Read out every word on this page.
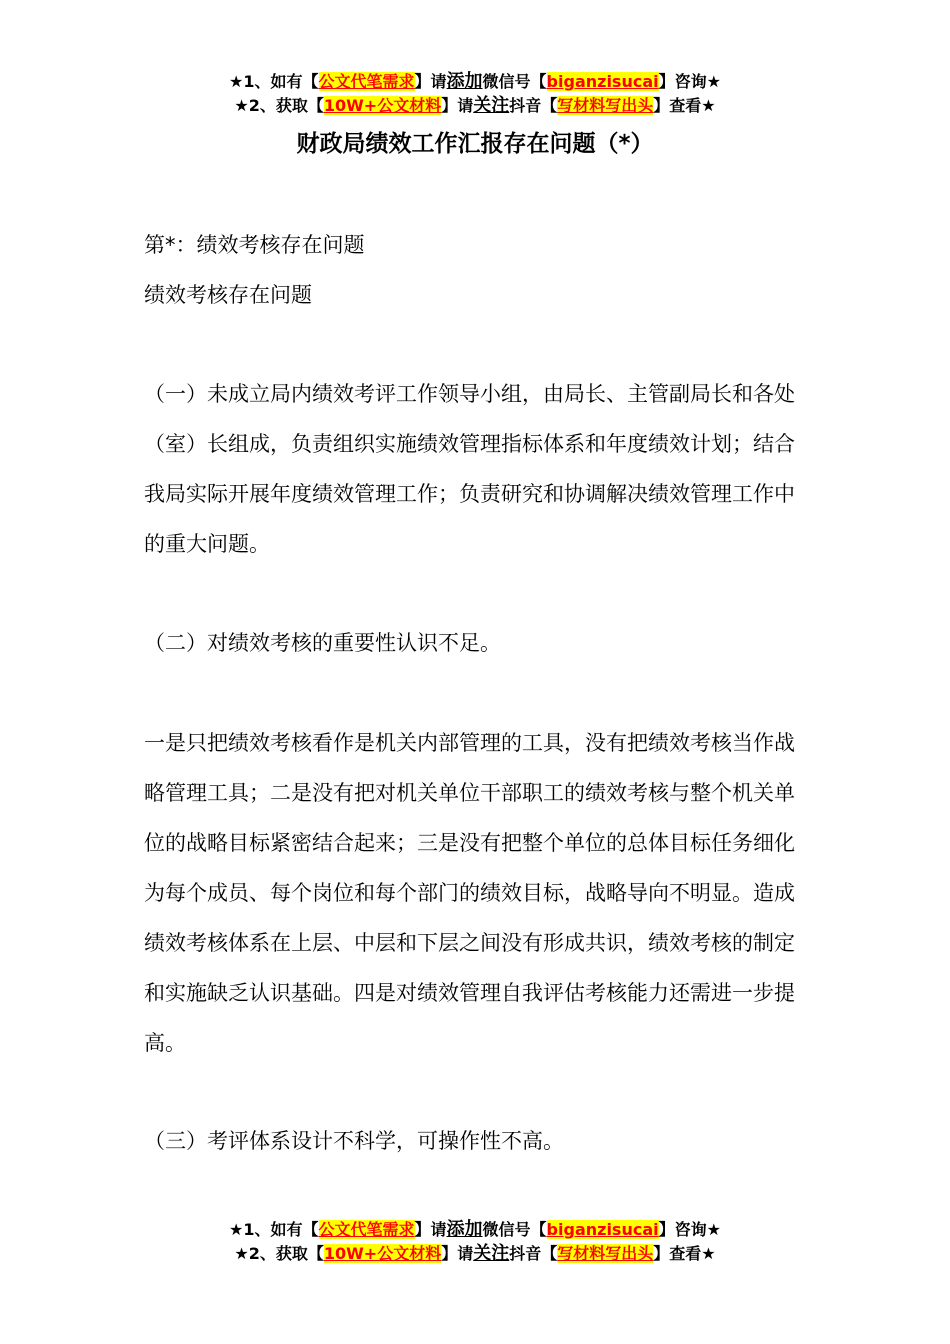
★1、如有【公文代笔需求】请添加微信号【biganzisucai】咨询★
★2、获取【10W+公文材料】请关注抖音【写材料写出头】查看★
财政局绩效工作汇报存在问题（*）

第*：绩效考核存在问题

绩效考核存在问题

（一）未成立局内绩效考评工作领导小组，由局长、主管副局长和各处（室）长组成，负责组织实施绩效管理指标体系和年度绩效计划；结合我局实际开展年度绩效管理工作；负责研究和协调解决绩效管理工作中的重大问题。

（二）对绩效考核的重要性认识不足。

一是只把绩效考核看作是机关内部管理的工具，没有把绩效考核当作战略管理工具；二是没有把对机关单位干部职工的绩效考核与整个机关单位的战略目标紧密结合起来；三是没有把整个单位的总体目标任务细化为每个成员、每个岗位和每个部门的绩效目标，战略导向不明显。造成绩效考核体系在上层、中层和下层之间没有形成共识，绩效考核的制定和实施缺乏认识基础。四是对绩效管理自我评估考核能力还需进一步提高。

（三）考评体系设计不科学，可操作性不高。

★1、如有【公文代笔需求】请添加微信号【biganzisucai】咨询★
★2、获取【10W+公文材料】请关注抖音【写材料写出头】查看★
